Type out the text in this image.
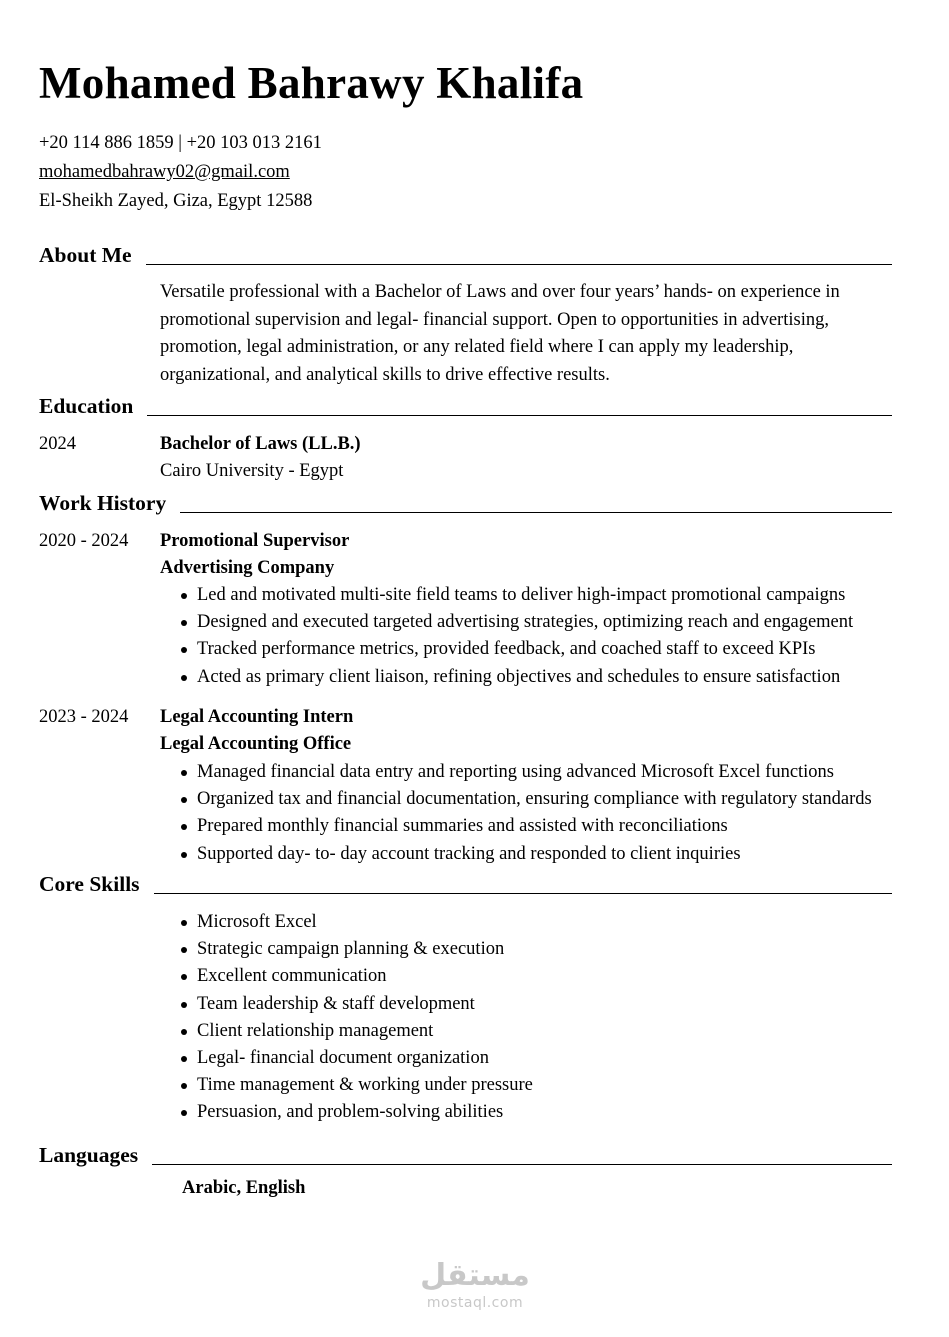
Mohamed Bahrawy Khalifa
+20 114 886 1859 | +20 103 013 2161
mohamedbahrawy02@gmail.com
El-Sheikh Zayed, Giza, Egypt 12588
About Me
Versatile professional with a Bachelor of Laws and over four years’ hands- on experience in promotional supervision and legal- financial support. Open to opportunities in advertising, promotion, legal administration, or any related field where I can apply my leadership, organizational, and analytical skills to drive effective results.
Education
2024	Bachelor of Laws (LL.B.)
Cairo University - Egypt
Work History
2020 - 2024 Promotional Supervisor
Advertising Company
Led and motivated multi-site field teams to deliver high-impact promotional campaigns
Designed and executed targeted advertising strategies, optimizing reach and engagement
Tracked performance metrics, provided feedback, and coached staff to exceed KPIs
Acted as primary client liaison, refining objectives and schedules to ensure satisfaction
2023 - 2024 Legal Accounting Intern
Legal Accounting Office
Managed financial data entry and reporting using advanced Microsoft Excel functions
Organized tax and financial documentation, ensuring compliance with regulatory standards
Prepared monthly financial summaries and assisted with reconciliations
Supported day- to- day account tracking and responded to client inquiries
Core Skills
Microsoft Excel
Strategic campaign planning & execution
Excellent communication
Team leadership & staff development
Client relationship management
Legal- financial document organization
Time management & working under pressure
Persuasion, and problem-solving abilities
Languages
Arabic, English
مستقل
mostaql.com
